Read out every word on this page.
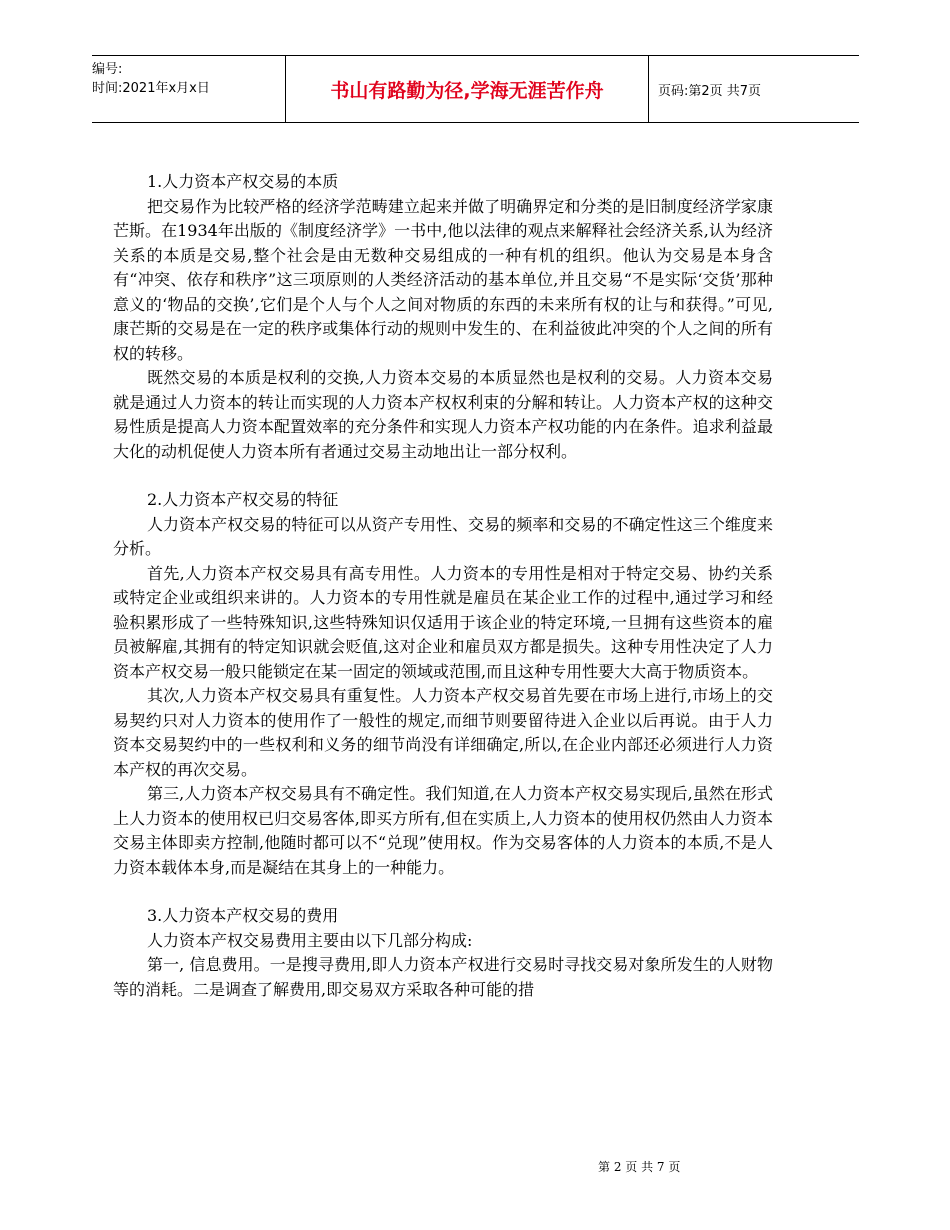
编号:
时间:2021年x月x日	书山有路勤为径,学海无涯苦作舟	页码:第2页 共7页

1.人力资本产权交易的本质

把交易作为比较严格的经济学范畴建立起来并做了明确界定和分类的是旧制度经济学家康芒斯。在1934年出版的《制度经济学》一书中,他以法律的观点来解释社会经济关系,认为经济关系的本质是交易,整个社会是由无数种交易组成的一种有机的组织。他认为交易是本身含有“冲突、依存和秩序”这三项原则的人类经济活动的基本单位,并且交易“不是实际‘交货’那种意义的‘物品的交换’,它们是个人与个人之间对物质的东西的未来所有权的让与和获得。”可见,康芒斯的交易是在一定的秩序或集体行动的规则中发生的、在利益彼此冲突的个人之间的所有权的转移。

既然交易的本质是权利的交换,人力资本交易的本质显然也是权利的交易。人力资本交易就是通过人力资本的转让而实现的人力资本产权权利束的分解和转让。人力资本产权的这种交易性质是提高人力资本配置效率的充分条件和实现人力资本产权功能的内在条件。追求利益最大化的动机促使人力资本所有者通过交易主动地出让一部分权利。

2.人力资本产权交易的特征

人力资本产权交易的特征可以从资产专用性、交易的频率和交易的不确定性这三个维度来分析。

首先,人力资本产权交易具有高专用性。人力资本的专用性是相对于特定交易、协约关系或特定企业或组织来讲的。人力资本的专用性就是雇员在某企业工作的过程中,通过学习和经验积累形成了一些特殊知识,这些特殊知识仅适用于该企业的特定环境,一旦拥有这些资本的雇员被解雇,其拥有的特定知识就会贬值,这对企业和雇员双方都是损失。这种专用性决定了人力资本产权交易一般只能锁定在某一固定的领域或范围,而且这种专用性要大大高于物质资本。

其次,人力资本产权交易具有重复性。人力资本产权交易首先要在市场上进行,市场上的交易契约只对人力资本的使用作了一般性的规定,而细节则要留待进入企业以后再说。由于人力资本交易契约中的一些权利和义务的细节尚没有详细确定,所以,在企业内部还必须进行人力资本产权的再次交易。

第三,人力资本产权交易具有不确定性。我们知道,在人力资本产权交易实现后,虽然在形式上人力资本的使用权已归交易客体,即买方所有,但在实质上,人力资本的使用权仍然由人力资本交易主体即卖方控制,他随时都可以不“兑现”使用权。作为交易客体的人力资本的本质,不是人力资本载体本身,而是凝结在其身上的一种能力。

3.人力资本产权交易的费用

人力资本产权交易费用主要由以下几部分构成:

第一, 信息费用。一是搜寻费用,即人力资本产权进行交易时寻找交易对象所发生的人财物等的消耗。二是调查了解费用,即交易双方采取各种可能的措

第 2 页 共 7 页
